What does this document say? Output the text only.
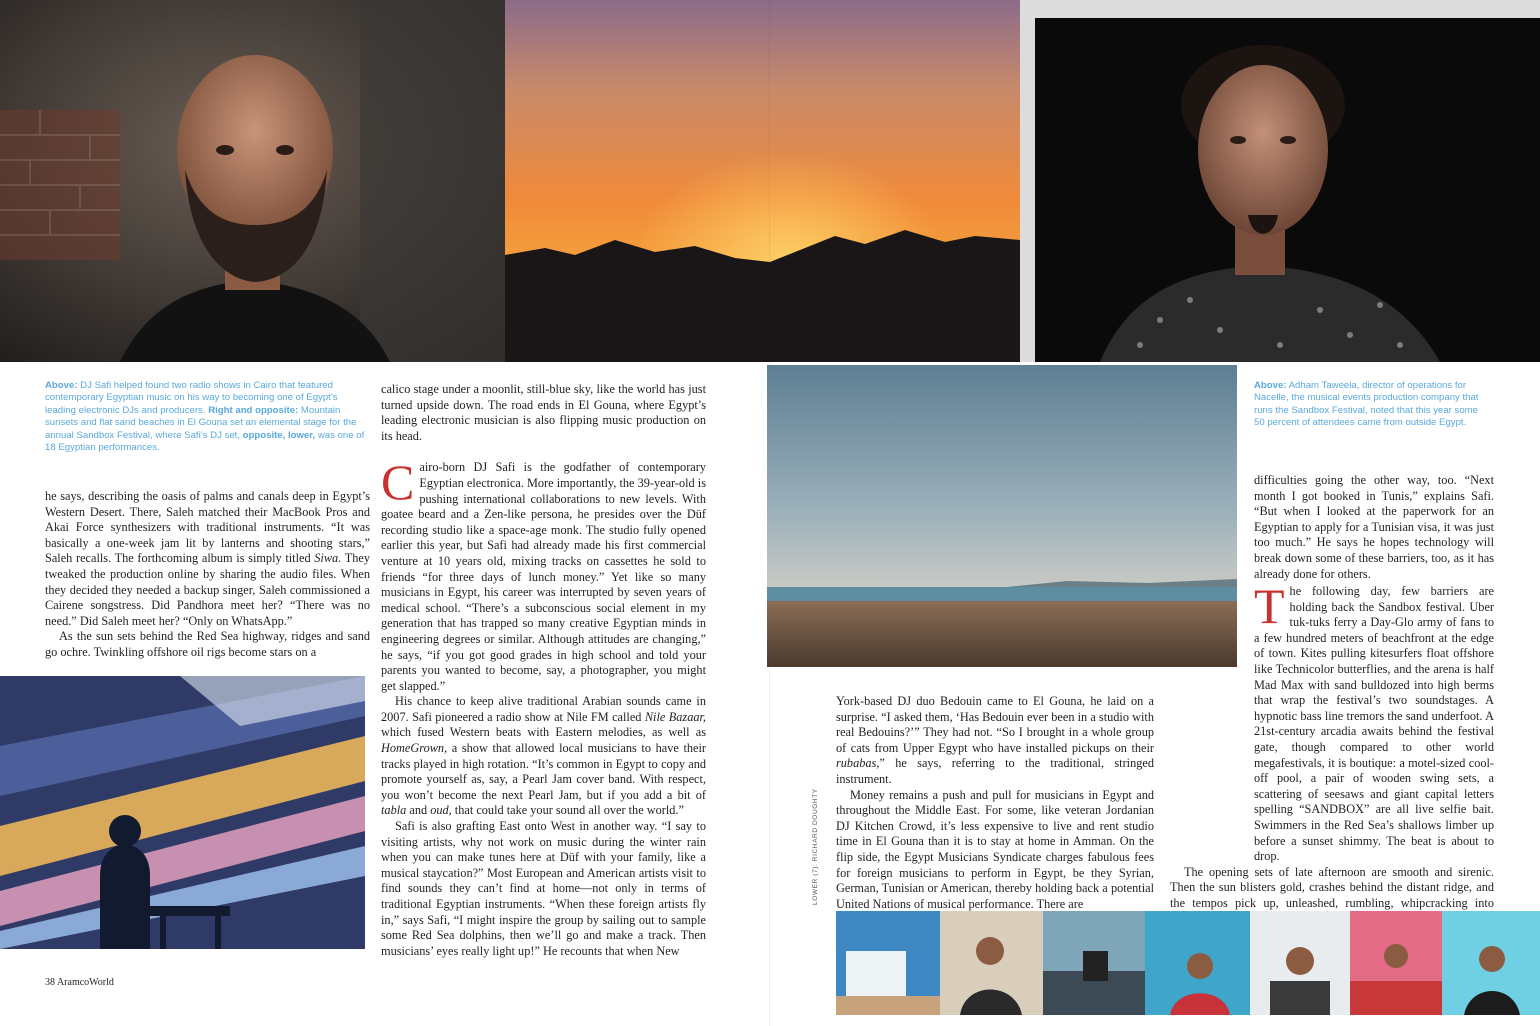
Above: DJ Safi helped found two radio shows in Cairo that featured contemporary Egyptian music on his way to becoming one of Egypt’s leading electronic DJs and producers. Right and opposite: Mountain sunsets and flat sand beaches in El Gouna set an elemental stage for the annual Sandbox Festival, where Safi’s DJ set, opposite, lower, was one of 18 Egyptian performances.

he says, describing the oasis of palms and canals deep in Egypt’s Western Desert. There, Saleh matched their MacBook Pros and Akai Force synthesizers with traditional instruments. “It was basically a one-week jam lit by lanterns and shooting stars,” Saleh recalls. The forthcoming album is simply titled Siwa. They tweaked the production online by sharing the audio files. When they decided they needed a backup singer, Saleh commissioned a Cairene songstress. Did Pandhora meet her? “There was no need.” Did Saleh meet her? “Only on WhatsApp.”

As the sun sets behind the Red Sea highway, ridges and sand go ochre. Twinkling offshore oil rigs become stars on a

calico stage under a moonlit, still-blue sky, like the world has just turned upside down. The road ends in El Gouna, where Egypt’s leading electronic musician is also flipping music production on its head.

Cairo-born DJ Safi is the godfather of contemporary Egyptian electronica. More importantly, the 39-year-old is pushing international collaborations to new levels. With goatee beard and a Zen-like persona, he presides over the Düf recording studio like a space-age monk. The studio fully opened earlier this year, but Safi had already made his first commercial venture at 10 years old, mixing tracks on cassettes he sold to friends “for three days of lunch money.” Yet like so many musicians in Egypt, his career was interrupted by seven years of medical school. “There’s a subconscious social element in my generation that has trapped so many creative Egyptian minds in engineering degrees or similar. Although attitudes are changing,” he says, “if you got good grades in high school and told your parents you wanted to become, say, a photographer, you might get slapped.”

His chance to keep alive traditional Arabian sounds came in 2007. Safi pioneered a radio show at Nile FM called Nile Bazaar, which fused Western beats with Eastern melodies, as well as HomeGrown, a show that allowed local musicians to have their tracks played in high rotation. “It’s common in Egypt to copy and promote yourself as, say, a Pearl Jam cover band. With respect, you won’t become the next Pearl Jam, but if you add a bit of tabla and oud, that could take your sound all over the world.”

Safi is also grafting East onto West in another way. “I say to visiting artists, why not work on music during the winter rain when you can make tunes here at Düf with your family, like a musical staycation?” Most European and American artists visit to find sounds they can’t find at home—not only in terms of traditional Egyptian instruments. “When these foreign artists fly in,” says Safi, “I might inspire the group by sailing out to sample some Red Sea dolphins, then we’ll go and make a track. Then musicians’ eyes really light up!” He recounts that when New

38 AramcoWorld
LOWER (7): RICHARD DOUGHTY
Above: Adham Taweela, director of operations for Nacelle, the musical events production company that runs the Sandbox Festival, noted that this year some 50 percent of attendees came from outside Egypt.

York-based DJ duo Bedouin came to El Gouna, he laid on a surprise. “I asked them, ‘Has Bedouin ever been in a studio with real Bedouins?’” They had not. “So I brought in a whole group of cats from Upper Egypt who have installed pickups on their rubabas,” he says, referring to the traditional, stringed instrument.

Money remains a push and pull for musicians in Egypt and throughout the Middle East. For some, like veteran Jordanian DJ Kitchen Crowd, it’s less expensive to live and rent studio time in El Gouna than it is to stay at home in Amman. On the flip side, the Egypt Musicians Syndicate charges fabulous fees for foreign musicians to perform in Egypt, be they Syrian, German, Tunisian or American, thereby holding back a potential United Nations of musical performance. There are

difficulties going the other way, too. “Next month I got booked in Tunis,” explains Safi. “But when I looked at the paperwork for an Egyptian to apply for a Tunisian visa, it was just too much.” He says he hopes technology will break down some of these barriers, too, as it has already done for others.

The following day, few barriers are holding back the Sandbox festival. Uber tuk-tuks ferry a Day-Glo army of fans to a few hundred meters of beachfront at the edge of town. Kites pulling kitesurfers float offshore like Technicolor butterflies, and the arena is half Mad Max with sand bulldozed into high berms that wrap the festival’s two soundstages. A hypnotic bass line tremors the sand underfoot. A 21st-century arcadia awaits behind the festival gate, though compared to other world megafestivals, it is boutique: a motel-sized cool-off pool, a pair of wooden swing sets, a scattering of seesaws and giant capital letters spelling “SANDBOX” are all live selfie bait. Swimmers in the Red Sea’s shallows limber up before a sunset shimmy. The beat is about to drop.

The opening sets of late afternoon are smooth and sirenic. Then the sun blisters gold, crashes behind the distant ridge, and the tempos pick up, unleashed, rumbling, whipcracking into
